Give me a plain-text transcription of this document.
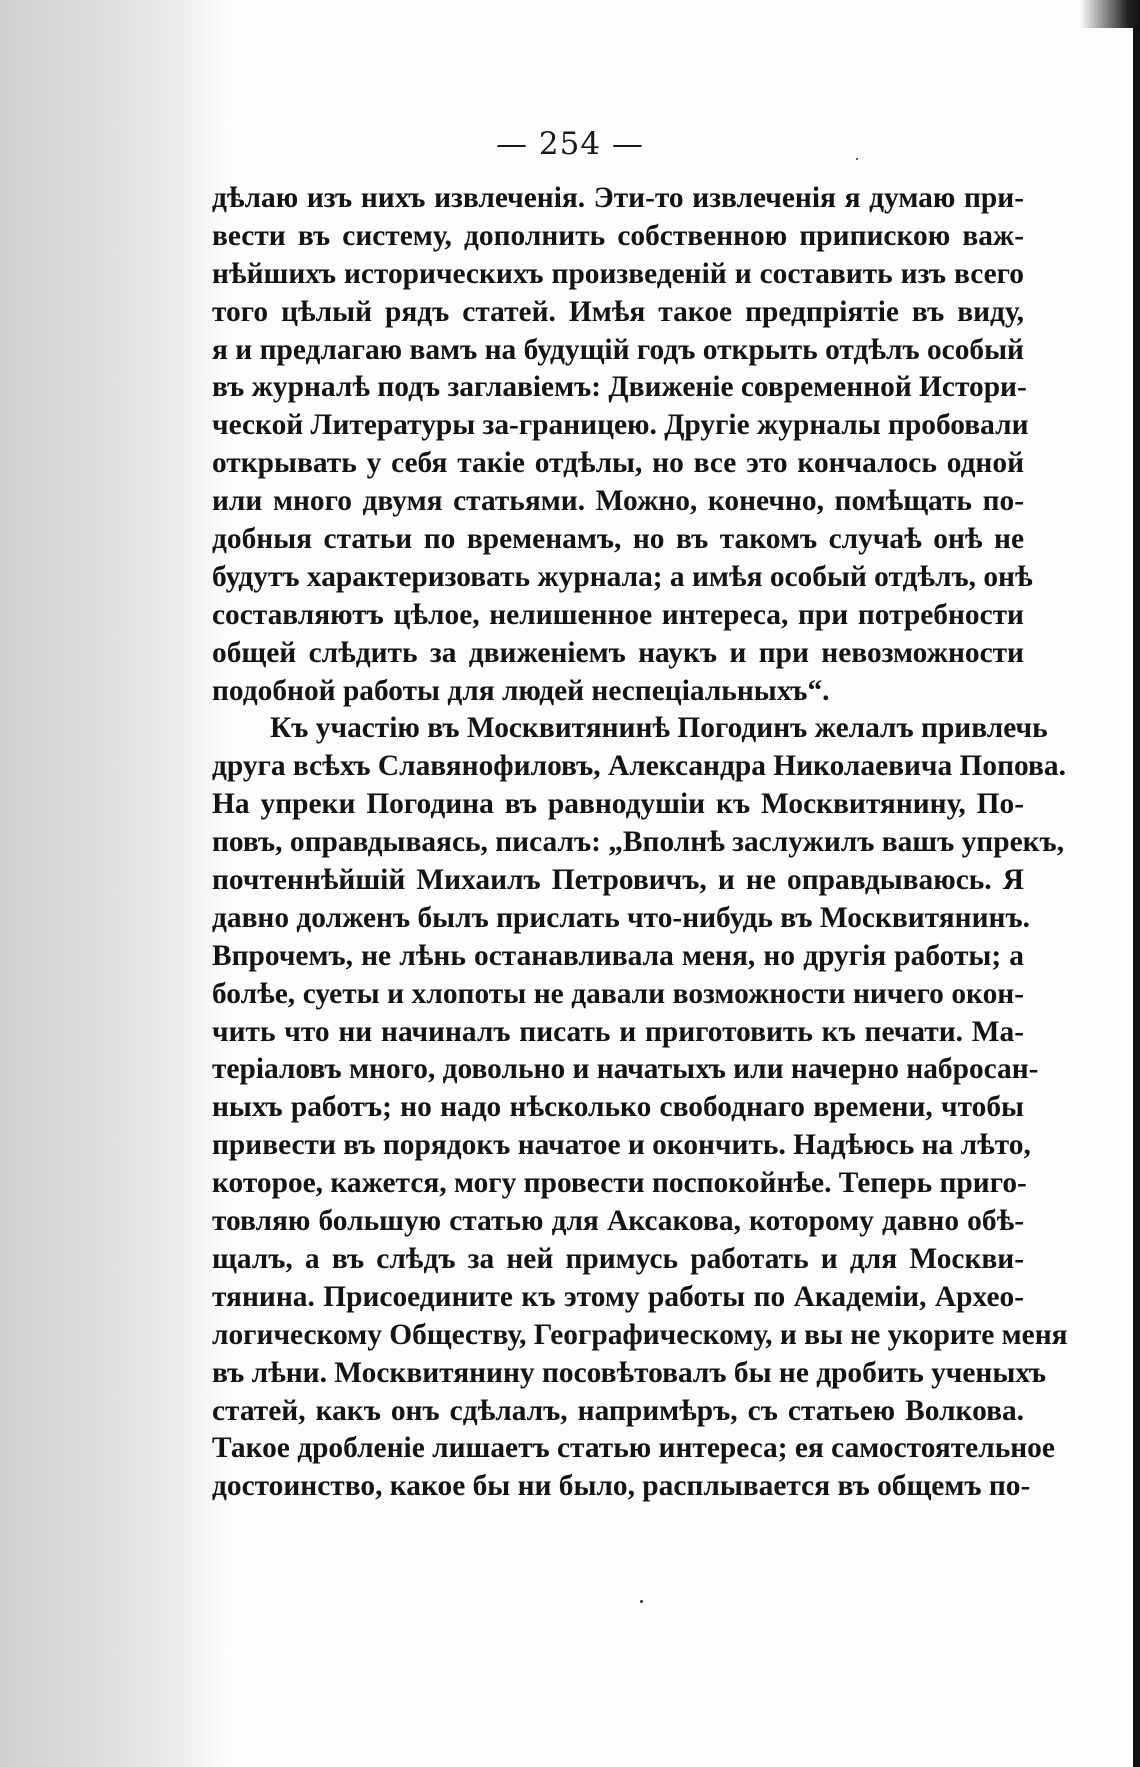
— 254 —
дѣлаю изъ нихъ извлеченія. Эти-то извлеченія я думаю при-
вести въ систему, дополнить собственною припискою важ-
нѣйшихъ историческихъ произведеній и составить изъ всего
того цѣлый рядъ статей. Имѣя такое предпріятіе въ виду,
я и предлагаю вамъ на будущій годъ открыть отдѣлъ особый
въ журналѣ подъ заглавіемъ: Движеніе современной Истори-
ческой Литературы за-границею. Другіе журналы пробовали
открывать у себя такіе отдѣлы, но все это кончалось одной
или много двумя статьями. Можно, конечно, помѣщать по-
добныя статьи по временамъ, но въ такомъ случаѣ онѣ не
будутъ характеризовать журнала; а имѣя особый отдѣлъ, онѣ
составляютъ цѣлое, нелишенное интереса, при потребности
общей слѣдить за движеніемъ наукъ и при невозможности
подобной работы для людей неспеціальныхъ“.
Къ участію въ Москвитянинѣ Погодинъ желалъ привлечь
друга всѣхъ Славянофиловъ, Александра Николаевича Попова.
На упреки Погодина въ равнодушіи къ Москвитянину, По-
повъ, оправдываясь, писалъ: „Вполнѣ заслужилъ вашъ упрекъ,
почтеннѣйшій Михаилъ Петровичъ, и не оправдываюсь. Я
давно долженъ былъ прислать что-нибудь въ Москвитянинъ.
Впрочемъ, не лѣнь останавливала меня, но другія работы; а
болѣе, суеты и хлопоты не давали возможности ничего окон-
чить что ни начиналъ писать и приготовить къ печати. Ма-
теріаловъ много, довольно и начатыхъ или начерно набросан-
ныхъ работъ; но надо нѣсколько свободнаго времени, чтобы
привести въ порядокъ начатое и окончить. Надѣюсь на лѣто,
которое, кажется, могу провести поспокойнѣе. Теперь приго-
товляю большую статью для Аксакова, которому давно обѣ-
щалъ, а въ слѣдъ за ней примусь работать и для Москви-
тянина. Присоедините къ этому работы по Академіи, Архео-
логическому Обществу, Географическому, и вы не укорите меня
въ лѣни. Москвитянину посовѣтовалъ бы не дробить ученыхъ
статей, какъ онъ сдѣлалъ, напримѣръ, съ статьею Волкова.
Такое дробленіе лишаетъ статью интереса; ея самостоятельное
достоинство, какое бы ни было, расплывается въ общемъ по-
